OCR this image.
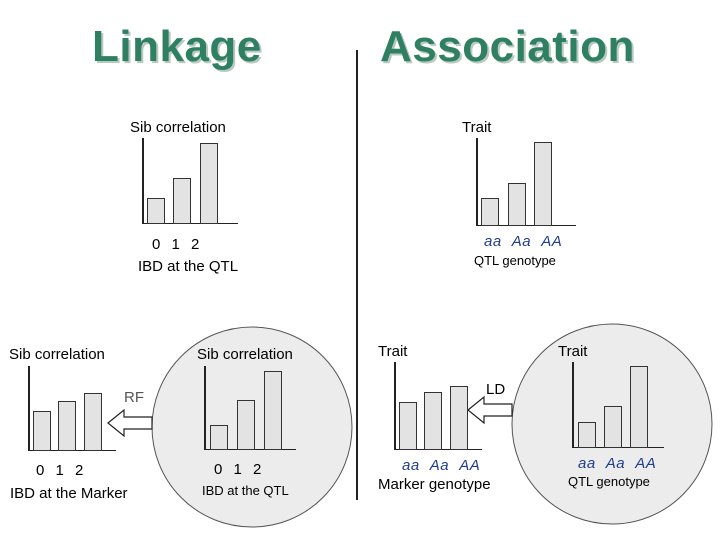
Linkage	Association
Sib correlation
0 1 2
IBD at the QTL
Trait
aa Aa AA
QTL genotype
Sib correlation
0 1 2
IBD at the Marker
RF
Sib correlation
0 1 2
IBD at the QTL
Trait
aa Aa AA
Marker genotype
LD
Trait
aa Aa AA
QTL genotype
